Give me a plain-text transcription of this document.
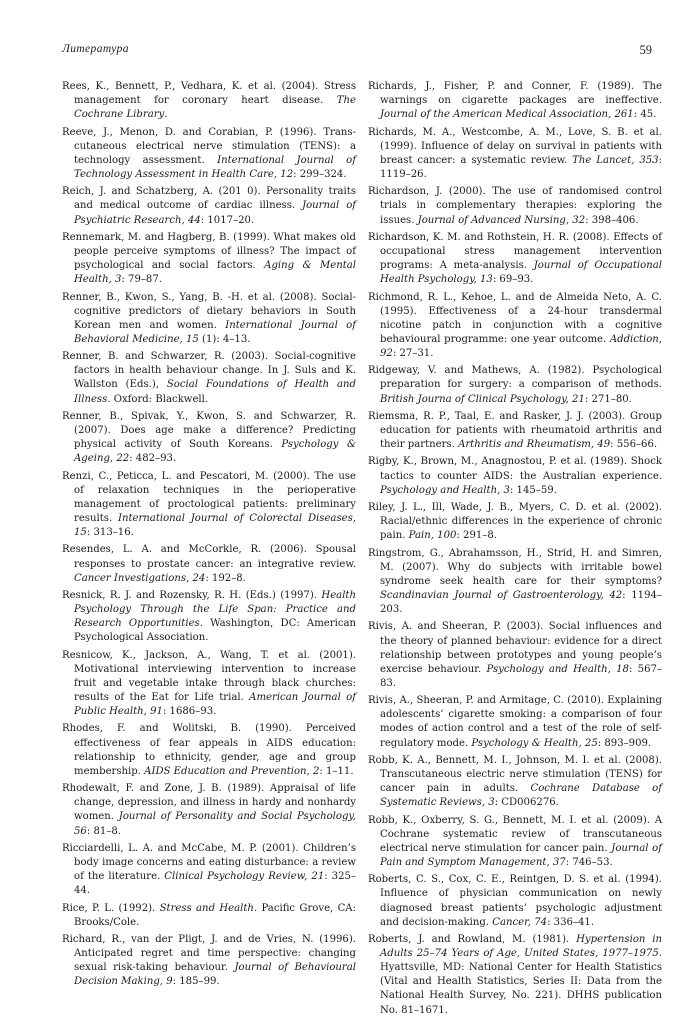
Литература	59

Rees, K., Bennett, P., Vedhara, K. et al. (2004). Stress management for coronary heart disease. The Cochrane Library.

Reeve, J., Menon, D. and Corabian, P. (1996). Transcutaneous electrical nerve stimulation (TENS): a technology assessment. International Journal of Technology Assessment in Health Care, 12: 299–324.

Reich, J. and Schatzberg, A. (201 0). Personality traits and medical outcome of cardiac illness. Journal of Psychiatric Research, 44: 1017–20.

Rennemark, M. and Hagberg, B. (1999). What makes old people perceive symptoms of illness? The impact of psychological and social factors. Aging & Mental Health, 3: 79–87.

Renner, B., Kwon, S., Yang, B. -H. et al. (2008). Socialcognitive predictors of dietary behaviors in South Korean men and women. International Journal of Behavioral Medicine, 15 (1): 4–13.

Renner, B. and Schwarzer, R. (2003). Social-cognitive factors in health behaviour change. In J. Suls and K. Wallston (Eds.), Social Foundations of Health and Illness. Oxford: Blackwell.

Renner, B., Spivak, Y., Kwon, S. and Schwarzer, R. (2007). Does age make a difference? Predicting physical activity of South Koreans. Psychology & Ageing, 22: 482–93.

Renzi, C., Peticca, L. and Pescatori, M. (2000). The use of relaxation techniques in the perioperative management of proctological patients: preliminary results. International Journal of Colorectal Diseases, 15: 313–16.

Resendes, L. A. and McCorkle, R. (2006). Spousal responses to prostate cancer: an integrative review. Cancer Investigations, 24: 192–8.

Resnick, R. J. and Rozensky, R. H. (Eds.) (1997). Health Psychology Through the Life Span: Practice and Research Opportunities. Washington, DC: American Psychological Association.

Resnicow, K., Jackson, A., Wang, T. et al. (2001). Motivational interviewing intervention to increase fruit and vegetable intake through black churches: results of the Eat for Life trial. American Journal of Public Health, 91: 1686–93.

Rhodes, F. and Wolitski, B. (1990). Perceived effectiveness of fear appeals in AIDS education: relationship to ethnicity, gender, age and group membership. AIDS Education and Prevention, 2: 1–11.

Rhodewalt, F. and Zone, J. B. (1989). Appraisal of life change, depression, and illness in hardy and nonhardy women. Journal of Personality and Social Psychology, 56: 81–8.

Ricciardelli, L. A. and McCabe, M. P. (2001). Children’s body image concerns and eating disturbance: a review of the literature. Clinical Psychology Review, 21: 325–44.

Rice, P. L. (1992). Stress and Health. Pacific Grove, CA: Brooks/Cole.

Richard, R., van der Pligt, J. and de Vries, N. (1996). Anticipated regret and time perspective: changing sexual risk-taking behaviour. Journal of Behavioural Decision Making, 9: 185–99.

Richards, J., Fisher, P. and Conner, F. (1989). The warnings on cigarette packages are ineffective. Journal of the American Medical Association, 261: 45.

Richards, M. A., Westcombe, A. M., Love, S. B. et al. (1999). Influence of delay on survival in patients with breast cancer: a systematic review. The Lancet, 353: 1119–26.

Richardson, J. (2000). The use of randomised control trials in complementary therapies: exploring the issues. Journal of Advanced Nursing, 32: 398–406.

Richardson, K. M. and Rothstein, H. R. (2008). Effects of occupational stress management intervention programs: A meta-analysis. Journal of Occupational Health Psychology, 13: 69–93.

Richmond, R. L., Kehoe, L. and de Almeida Neto, A. C. (1995). Effectiveness of a 24-hour transdermal nicotine patch in conjunction with a cognitive behavioural programme: one year outcome. Addiction, 92: 27–31.

Ridgeway, V. and Mathews, A. (1982). Psychological preparation for surgery: a comparison of methods. British Journa of Clinical Psychology, 21: 271–80.

Riemsma, R. P., Taal, E. and Rasker, J. J. (2003). Group education for patients with rheumatoid arthritis and their partners. Arthritis and Rheumatism, 49: 556–66.

Rigby, K., Brown, M., Anagnostou, P. et al. (1989). Shock tactics to counter AIDS: the Australian experience. Psychology and Health, 3: 145–59.

Riley, J. L., Ill, Wade, J. B., Myers, C. D. et al. (2002). Racial/ethnic differences in the experience of chronic pain. Pain, 100: 291–8.

Ringstrom, G., Abrahamsson, H., Strid, H. and Simren, M. (2007). Why do subjects with irritable bowel syndrome seek health care for their symptoms? Scandinavian Journal of Gastroenterology, 42: 1194–203.

Rivis, A. and Sheeran, P. (2003). Social influences and the theory of planned behaviour: evidence for a direct relationship between prototypes and young people’s exercise behaviour. Psychology and Health, 18: 567–83.

Rivis, A., Sheeran, P. and Armitage, C. (2010). Explaining adolescents’ cigarette smoking: a comparison of four modes of action control and a test of the role of self- regulatory mode. Psychology & Health, 25: 893–909.

Robb, K. A., Bennett, M. I., Johnson, M. I. et al. (2008). Transcutaneous electric nerve stimulation (TENS) for cancer pain in adults. Cochrane Database of Systematic Reviews, 3: CD006276.

Robb, K., Oxberry, S. G., Bennett, M. I. et al. (2009). A Cochrane systematic review of transcutaneous electrical nerve stimulation for cancer pain. Journal of Pain and Symptom Management, 37: 746–53.

Roberts, C. S., Cox, C. E., Reintgen, D. S. et al. (1994). Influence of physician communication on newly diagnosed breast patients’ psychologic adjustment and decision-making. Cancer, 74: 336–41.

Roberts, J. and Rowland, M. (1981). Hypertension in Adults 25–74 Years of Age, United States, 1977–1975. Hyattsville, MD: National Center for Health Statistics (Vital and Health Statistics, Series II: Data from the National Health Survey, No. 221). DHHS publication No. 81–1671.
